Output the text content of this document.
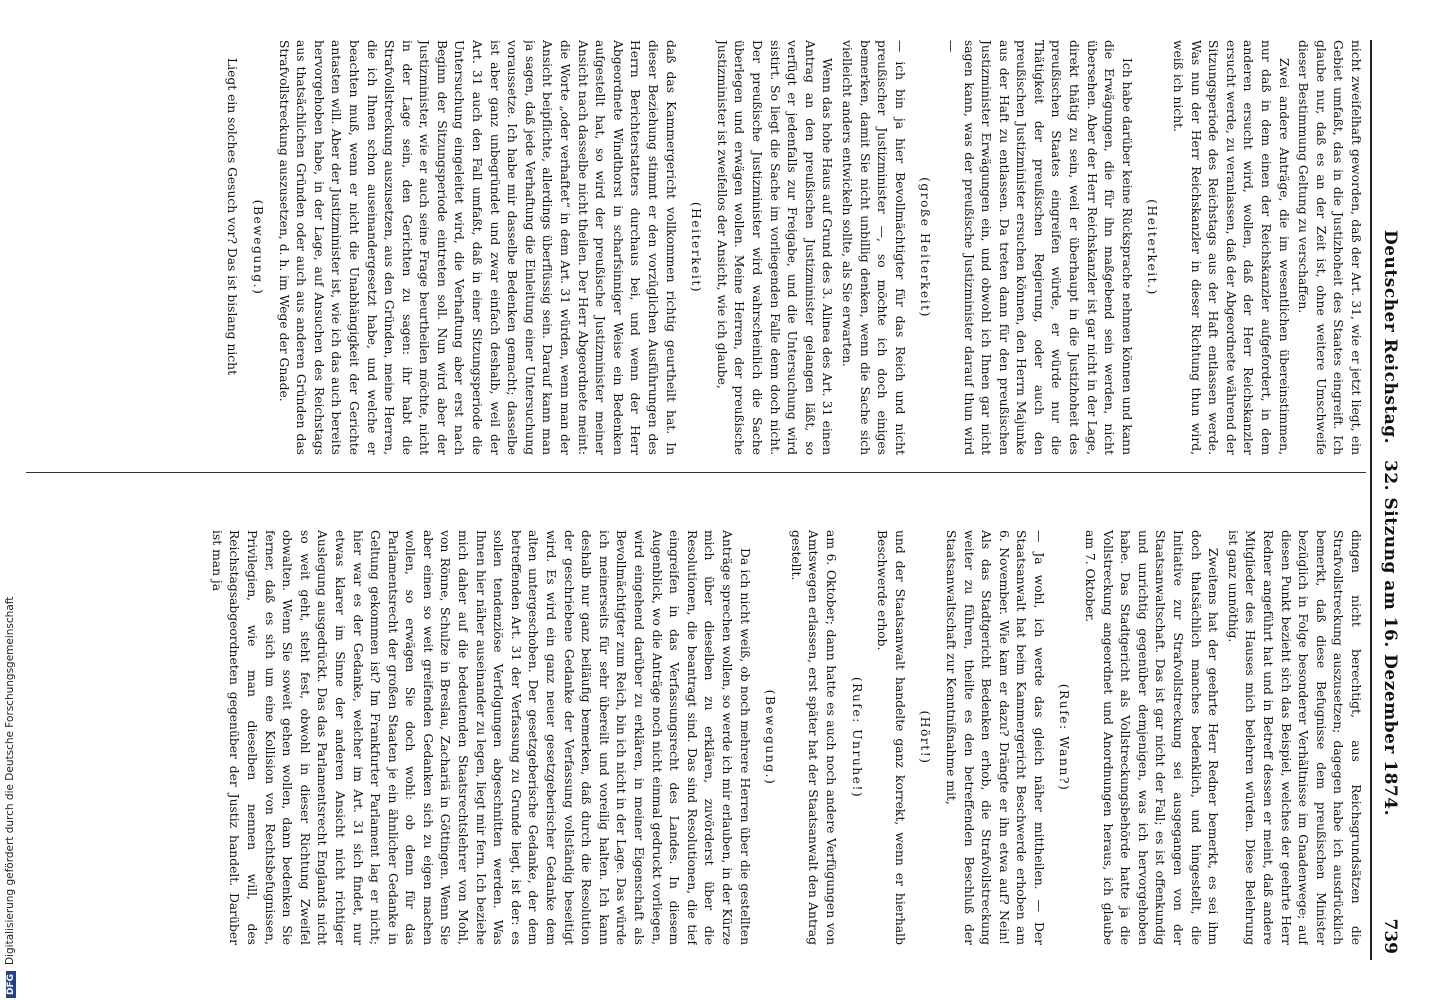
Deutscher Reichstag.
32. Sitzung am 16. Dezember 1874.
739

nicht zweifelhaft geworden, daß der Art. 31, wie er jetzt liegt, ein Gebiet umfaßt, das in die Justizhoheit des Staates eingreift. Ich glaube nur, daß es an der Zeit ist, ohne weitere Umschweife dieser Bestimmung Geltung zu verschaffen.

Zwei andere Anträge, die im wesentlichen übereinstimmen, nur daß in dem einen der Reichskanzler aufgefordert, in dem anderen ersucht wird, wollen, daß der Herr Reichskanzler ersucht werde, zu veranlassen, daß der Abgeordnete während der Sitzungsperiode des Reichstags aus der Haft entlassen werde. Was nun der Herr Reichskanzler in dieser Richtung thun wird, weiß ich nicht.

(Heiterkeit.)

Ich habe darüber keine Rücksprache nehmen können und kann die Erwägungen, die für ihn maßgebend sein werden, nicht übersehen. Aber der Herr Reichskanzler ist gar nicht in der Lage, direkt thätig zu sein, weil er überhaupt in die Justizhoheit des preußischen Staates eingreifen würde, er würde nur die Thätigkeit der preußischen Regierung, oder auch den preußischen Justizminister ersuchen können, den Herrn Majunke aus der Haft zu entlassen. Da treten dann für den preußischen Justizminister Erwägungen ein, und obwohl ich Ihnen gar nicht sagen kann, was der preußische Justizminister darauf thun wird —

(große Heiterkeit)

— ich bin ja hier Bevollmächtigter für das Reich und nicht preußischer Justizminister —, so möchte ich doch einiges bemerken, damit Sie nicht unbillig denken, wenn die Sache sich vielleicht anders entwickeln sollte, als Sie erwarten.

Wenn das hohe Haus auf Grund des 3. Alinea des Art. 31 einen Antrag an den preußischen Justizminister gelangen läßt, so verfügt er jedenfalls zur Freigabe, und die Untersuchung wird sistirt. So liegt die Sache im vorliegenden Falle denn doch nicht. Der preußische Justizminister wird wahrscheinlich die Sache überlegen und erwägen wollen. Meine Herren, der preußische Justizminister ist zweifellos der Ansicht, wie ich glaube,

(Heiterkeit)

daß das Kammergericht vollkommen richtig geurtheilt hat. In dieser Beziehung stimmt er den vorzüglichen Ausführungen des Herrn Berichterstatters durchaus bei, und wenn der Herr Abgeordnete Windthorst in scharfsinniger Weise ein Bedenken aufgestellt hat, so wird der preußische Justizminister meiner Ansicht nach dasselbe nicht theilen. Der Herr Abgeordnete meint: die Worte „oder verhaftet“ in dem Art. 31 würden, wenn man der Ansicht beipflichte, allerdings überflüssig sein. Darauf kann man ja sagen, daß jede Verhaftung die Einleitung einer Untersuchung voraussetze. Ich habe mir dasselbe Bedenken gemacht; dasselbe ist aber ganz unbegründet und zwar einfach deshalb, weil der Art. 31 auch den Fall umfaßt, daß in einer Sitzungsperiode die Untersuchung eingeleitet wird, die Verhaftung aber erst nach Beginn der Sitzungsperiode eintreten soll. Nun wird aber der Justizminister, wie er auch seine Frage beurtheilen möchte, nicht in der Lage sein, den Gerichten zu sagen: ihr habt die Strafvollstreckung auszusetzen, aus den Gründen, meine Herren, die ich Ihnen schon auseinandergesetzt habe, und welche er beachten muß, wenn er nicht die Unabhängigkeit der Gerichte antasten will. Aber der Justizminister ist, wie ich das auch bereits hervorgehoben habe, in der Lage, auf Ansuchen des Reichstags aus thatsächlichen Gründen oder auch aus anderen Gründen das Strafvollstreckung auszusetzen, d. h. im Wege der Gnade.

(Bewegung.)

Liegt ein solches Gesuch vor? Das ist bislang nicht

dingen nicht berechtigt, aus Reichsgrundsätzen die Strafvollstreckung auszusetzen; dagegen habe ich ausdrücklich bemerkt, daß diese Befugnisse dem preußischen Minister bezüglich in Folge besonderer Verhältnisse im Gnadenwege; auf diesen Punkt bezieht sich das Beispiel, welches der geehrte Herr Redner angeführt hat und in Betreff dessen er meint, daß andere Mitglieder des Hauses mich belehren würden. Diese Belehrung ist ganz unnöthig.

Zweitens hat der geehrte Herr Redner bemerkt, es sei ihm doch thatsächlich manches bedenklich, und hingestellt, die Initiative zur Strafvollstreckung sei ausgegangen von der Staatsanwaltschaft. Das ist gar nicht der Fall; es ist offenkundig und unrichtig gegenüber demjenigen, was ich hervorgehoben habe. Das Stadtgericht als Vollstreckungsbehörde hatte ja die Vollstreckung angeordnet und Anordnungen heraus, ich glaube am 7. Oktober.

(Rufe: Wann?)

— Ja wohl, ich werde das gleich näher mittheilen. — Der Staatsanwalt hat beim Kammergericht Beschwerde erhoben am 6. November. Wie kam er dazu? Drängte er ihn etwa auf? Nein! Als das Stadtgericht Bedenken erhob, die Strafvollstreckung weiter zu führen, theilte es den betreffenden Beschluß der Staatsanwaltschaft zur Kenntnißnahme mit,

(Hört!)

und der Staatsanwalt handelte ganz korrekt, wenn er hierhalb Beschwerde erhob.

(Rufe: Unruhe!)

am 6. Oktober; dann hatte es auch noch andere Verfügungen von Amtswegen erlassen, erst später hat der Staatsanwalt den Antrag gestellt.

(Bewegung.)

Da ich nicht weiß, ob noch mehrere Herren über die gestellten Anträge sprechen wollen, so werde ich mir erlauben, in der Kürze mich über dieselben zu erklären, zuvörderst über die Resolutionen, die beantragt sind. Das sind Resolutionen, die tief eingreifen in das Verfassungsrecht des Landes. In diesem Augenblick, wo die Anträge noch nicht einmal gedruckt vorliegen, wird eingehend darüber zu erklären, in meiner Eigenschaft als Bevollmächtigter zum Reich, bin ich nicht in der Lage. Das würde ich meinerseits für sehr übereilt und voreilig halten. Ich kann deshalb nur ganz beiläufig bemerken, daß durch die Resolution der geschriebene Gedanke der Verfassung vollständig beseitigt wird. Es wird ein ganz neuer gesetzgeberischer Gedanke dem alten untergeschoben. Der gesetzgeberische Gedanke, der dem betreffenden Art. 31 der Verfassung zu Grunde liegt, ist der: es sollen tendenziöse Verfolgungen abgeschnitten werden. Was Ihnen hier näher auseinander zu legen, liegt mir fern. Ich beziehe mich daher auf die bedeutenden Staatsrechtslehrer von Mohl, von Rönne, Schulze in Breslau, Zachariä in Göttingen. Wenn Sie aber einen so weit greifenden Gedanken sich zu eigen machen wollen, so erwägen Sie doch wohl: ob denn für das Parlamentsrecht der großen Staaten je ein ähnlicher Gedanke in Geltung gekommen ist? Im Frankfurter Parlament lag er nicht; hier war es der Gedanke, welcher im Art. 31 sich findet, nur etwas klarer im Sinne der anderen Ansicht nicht richtiger Auslegung ausgedrückt. Das das Parlamentsrecht Englands nicht so weit geht, steht fest, obwohl in dieser Richtung Zweifel obwalten. Wenn Sie soweit gehen wollen, dann bedenken Sie ferner, daß es sich um eine Kollision von Rechtsbefugnissen, Privilegien, wie man dieselben nennen will, des Reichstagsabgeordneten gegenüber der Justiz handelt. Darüber ist man ja

DFGDigitalisierung gefördert durch die Deutsche Forschungsgemeinschaft
